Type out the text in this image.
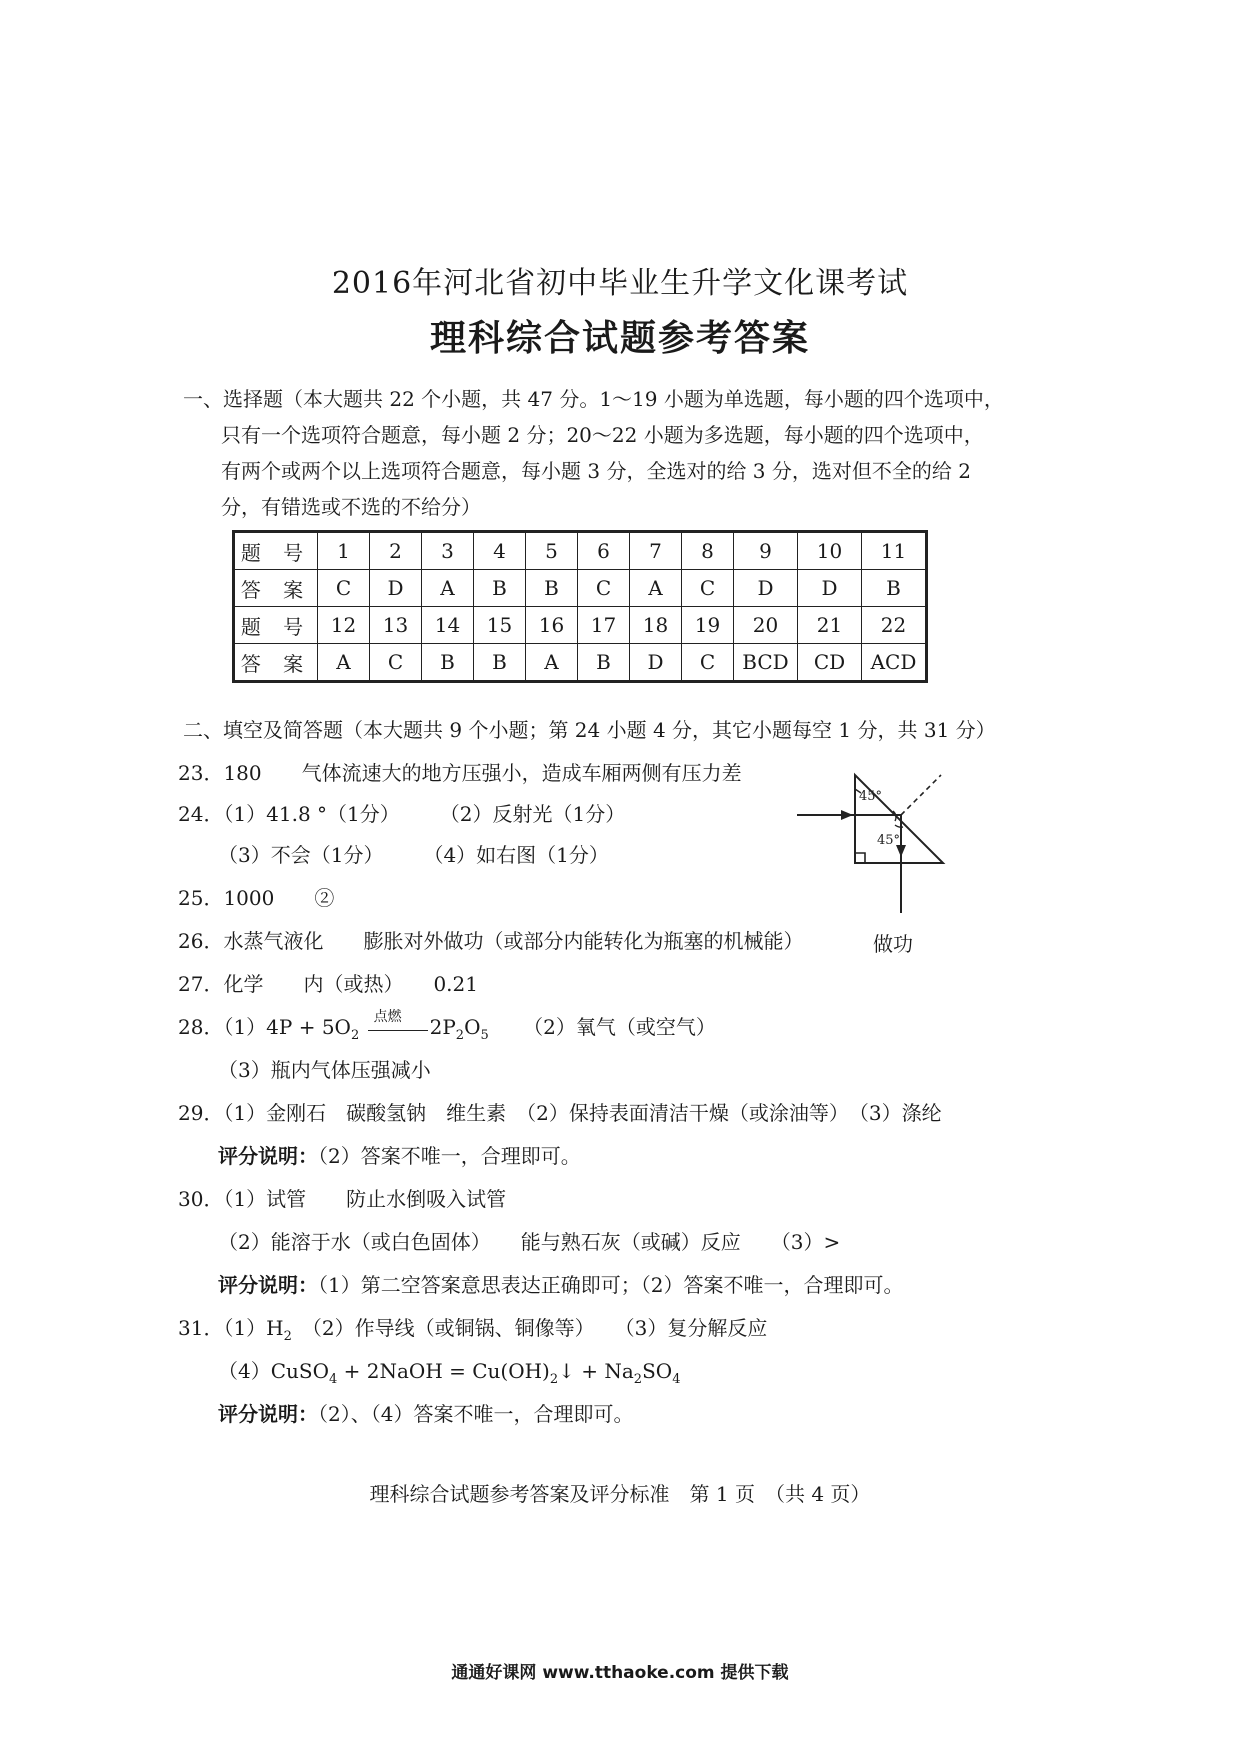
2016年河北省初中毕业生升学文化课考试
理科综合试题参考答案
一、选择题（本大题共 22 个小题，共 47 分。1～19 小题为单选题，每小题的四个选项中，
只有一个选项符合题意，每小题 2 分；20～22 小题为多选题，每小题的四个选项中，
有两个或两个以上选项符合题意，每小题 3 分，全选对的给 3 分，选对但不全的给 2
分，有错选或不选的不给分）
题 号	1	2	3	4	5	6	7	8	9	10	11
答 案	C	D	A	B	B	C	A	C	D	D	B
题 号	12	13	14	15	16	17	18	19	20	21	22
答 案	A	C	B	B	A	B	D	C	BCD	CD	ACD
二、填空及简答题（本大题共 9 个小题；第 24 小题 4 分，其它小题每空 1 分，共 31 分）
23．180　　气体流速大的地方压强小，造成车厢两侧有压力差
24．（1）41.8 °（1分）　　　（2）反射光（1分）
（3）不会（1分）　　　（4）如右图（1分）
45°
45°
25．1000　　②
26．水蒸气液化　　膨胀对外做功（或部分内能转化为瓶塞的机械能）	做功
27．化学　　内（或热）　　0.21
28．$(1)4P + 5O_2$
点燃 $2P_2O_5$ （2）氧气（或空气）
（3）瓶内气体压强减小
29．（1）金刚石　碳酸氢钠　维生素　（2）保持表面清洁干燥（或涂油等）　（3）涤纶
评分说明：（2）答案不唯一，合理即可。
30．（1）试管　　防止水倒吸入试管
（2）能溶于水（或白色固体）　　能与熟石灰（或碱）反应　　（3）>
评分说明：（1）第二空答案意思表达正确即可；（2）答案不唯一，合理即可。
31．$(1)H_2$　（2）作导线（或铜锅、铜像等）　　（3）复分解反应
（4）CuSO$_4$ + 2NaOH = $Cu(OH)_2↓ + Na_2SO_4$
评分说明：（2）、（4）答案不唯一，合理即可。
理科综合试题参考答案及评分标准　第 1 页　（共 4 页）
通通好课网 www.tthaoke.com 提供下载
